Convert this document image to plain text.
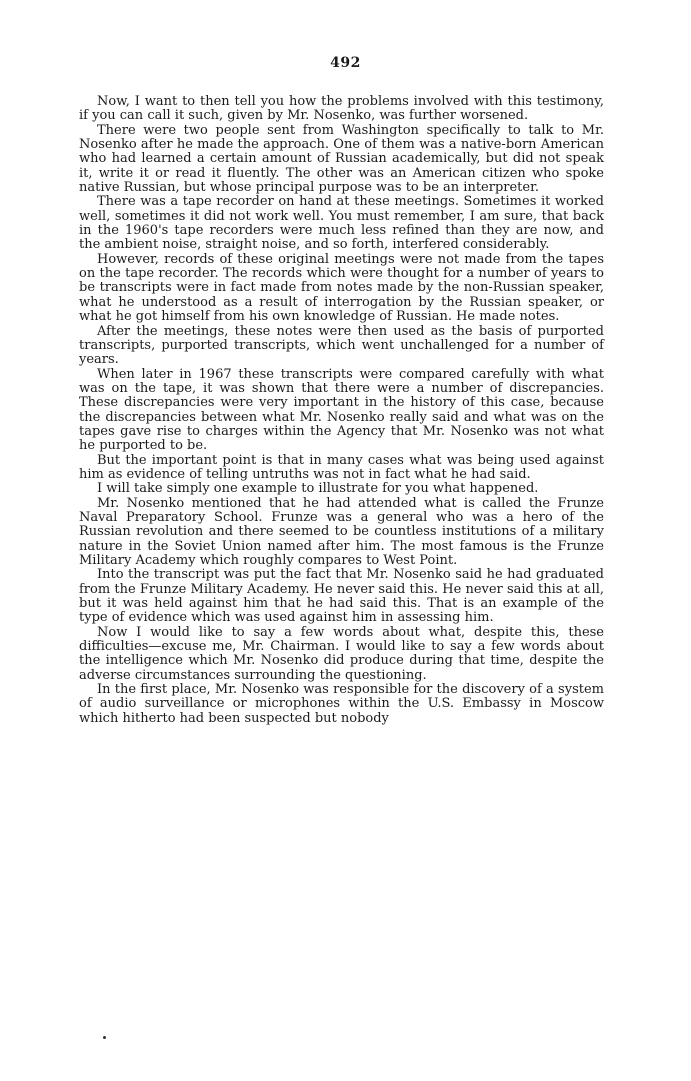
492

Now, I want to then tell you how the problems involved with this testimony, if you can call it such, given by Mr. Nosenko, was further worsened.

There were two people sent from Washington specifically to talk to Mr. Nosenko after he made the approach. One of them was a native-born American who had learned a certain amount of Russian academically, but did not speak it, write it or read it fluently. The other was an American citizen who spoke native Russian, but whose principal purpose was to be an interpreter.

There was a tape recorder on hand at these meetings. Sometimes it worked well, sometimes it did not work well. You must remember, I am sure, that back in the 1960's tape recorders were much less refined than they are now, and the ambient noise, straight noise, and so forth, interfered considerably.

However, records of these original meetings were not made from the tapes on the tape recorder. The records which were thought for a number of years to be transcripts were in fact made from notes made by the non-Russian speaker, what he understood as a result of interrogation by the Russian speaker, or what he got himself from his own knowledge of Russian. He made notes.

After the meetings, these notes were then used as the basis of purported transcripts, purported transcripts, which went unchallenged for a number of years.

When later in 1967 these transcripts were compared carefully with what was on the tape, it was shown that there were a number of discrepancies. These discrepancies were very important in the history of this case, because the discrepancies between what Mr. Nosenko really said and what was on the tapes gave rise to charges within the Agency that Mr. Nosenko was not what he purported to be.

But the important point is that in many cases what was being used against him as evidence of telling untruths was not in fact what he had said.

I will take simply one example to illustrate for you what happened.

Mr. Nosenko mentioned that he had attended what is called the Frunze Naval Preparatory School. Frunze was a general who was a hero of the Russian revolution and there seemed to be countless institutions of a military nature in the Soviet Union named after him. The most famous is the Frunze Military Academy which roughly compares to West Point.

Into the transcript was put the fact that Mr. Nosenko said he had graduated from the Frunze Military Academy. He never said this. He never said this at all, but it was held against him that he had said this. That is an example of the type of evidence which was used against him in assessing him.

Now I would like to say a few words about what, despite this, these difficulties—excuse me, Mr. Chairman. I would like to say a few words about the intelligence which Mr. Nosenko did produce during that time, despite the adverse circumstances surrounding the questioning.

In the first place, Mr. Nosenko was responsible for the discovery of a system of audio surveillance or microphones within the U.S. Embassy in Moscow which hitherto had been suspected but nobody
